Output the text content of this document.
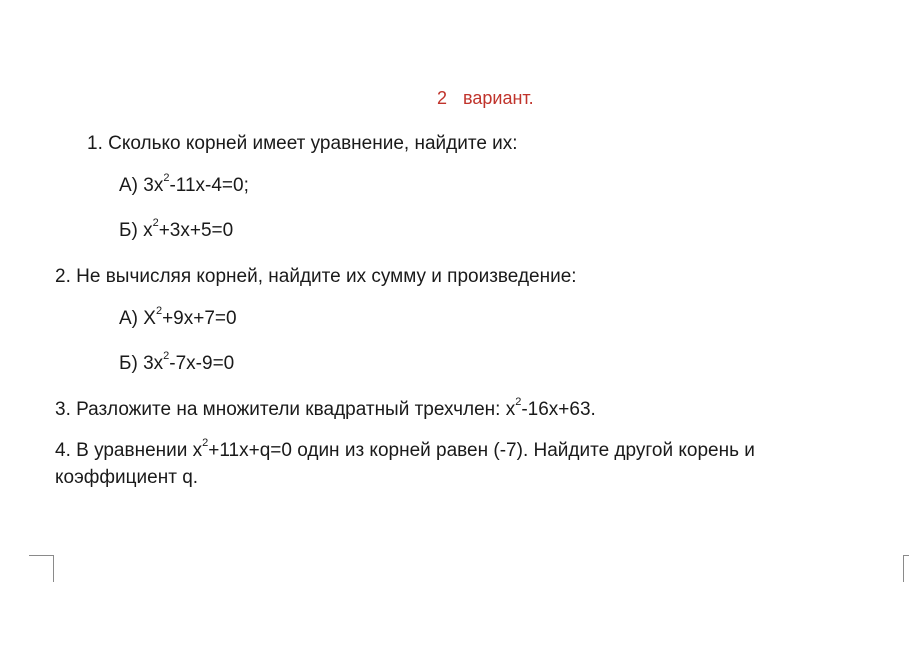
2 вариант.
1. Сколько корней имеет уравнение, найдите их:
А) $3х^2-11х-4=0$;
Б) $х^2+3х+5=0$
2. Не вычисляя корней, найдите их сумму и произведение:
А) $Х^2+9х+7=0$
Б) $3х^2-7х-9=0$
3. Разложите на множители квадратный трехчлен: $х^2-16х+63$.
4. В уравнении $х^2+11х+q=0$ один из корней равен (-7). Найдите другой корень и
коэффициент q.
